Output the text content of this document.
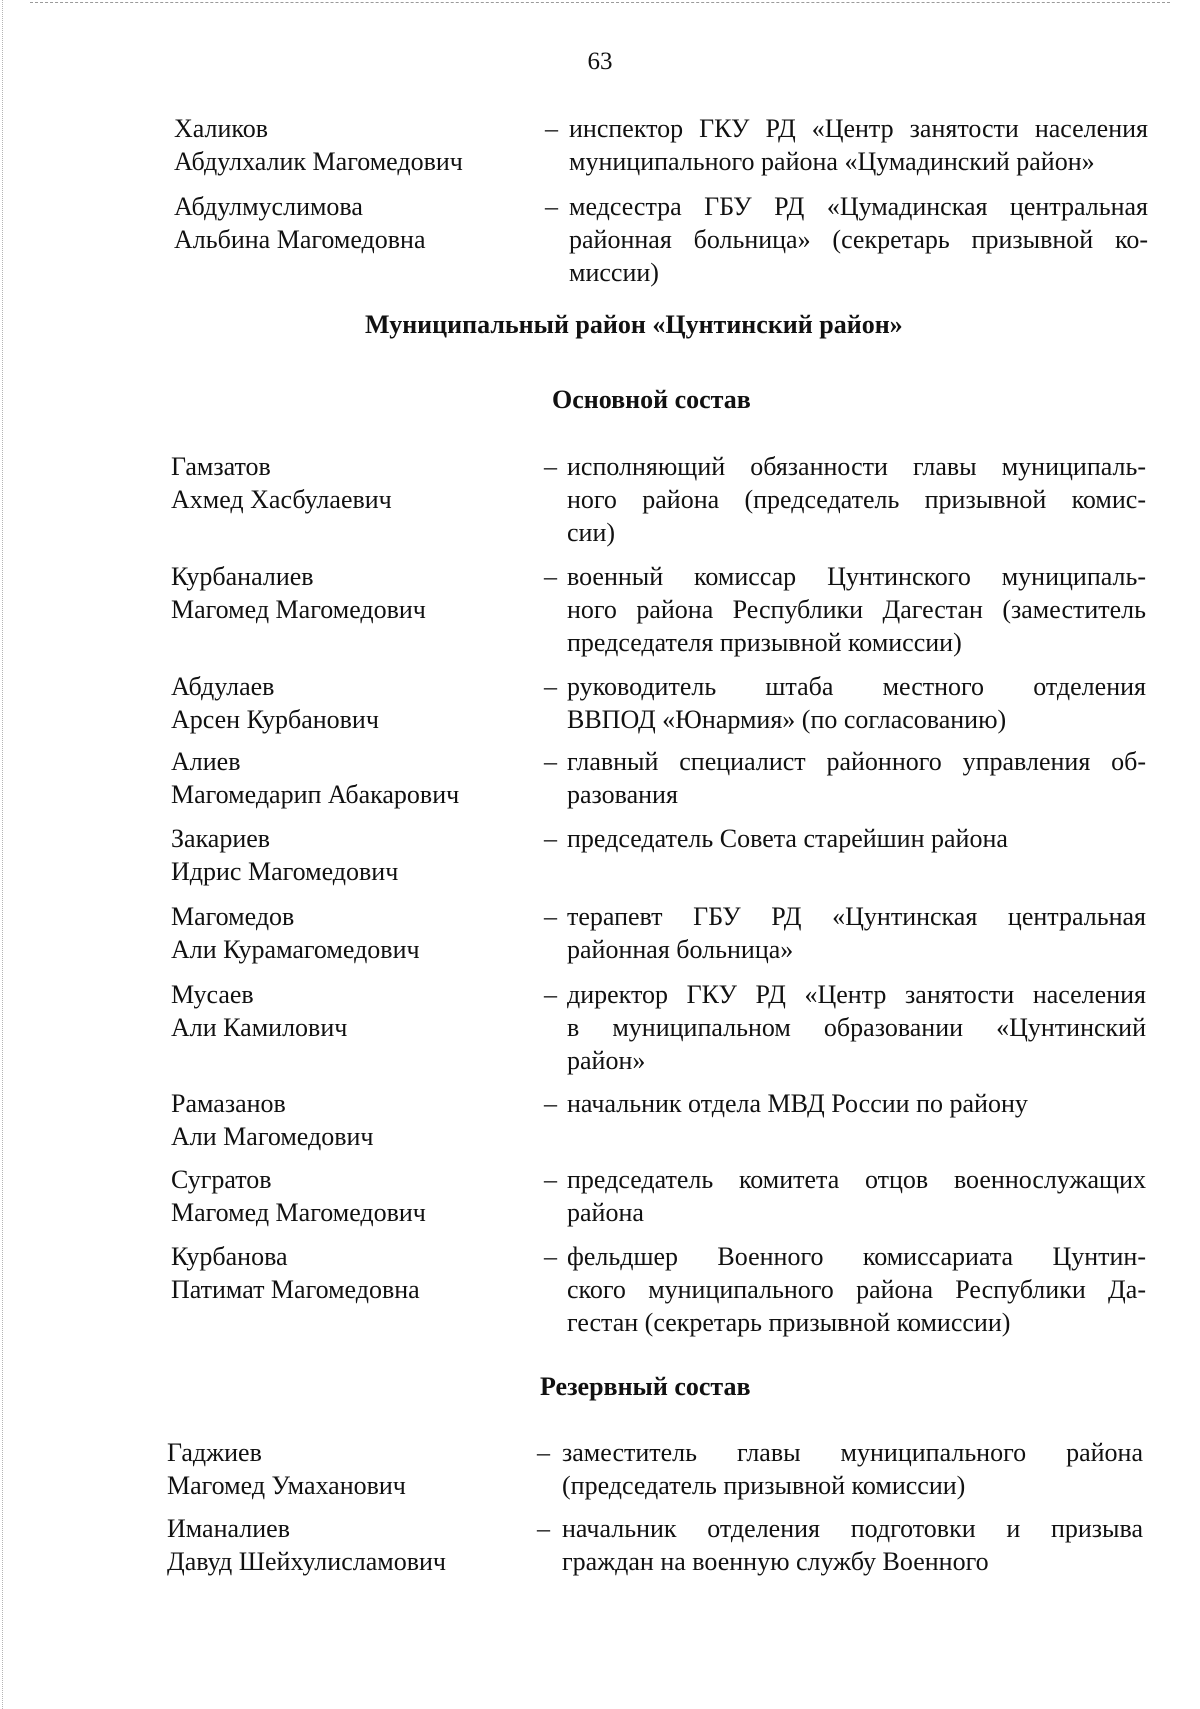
63
Халиков
Абдулхалик Магомедович
– инспектор ГКУ РД «Центр занятости населения
муниципального района «Цумадинский район»
Абдулмуслимова
Альбина Магомедовна
– медсестра ГБУ РД «Цумадинская центральная
районная больница» (секретарь призывной ко-
миссии)
Муниципальный район «Цунтинский район»
Основной состав
Гамзатов
Ахмед Хасбулаевич
– исполняющий обязанности главы муниципаль-
ного района (председатель призывной комис-
сии)
Курбаналиев
Магомед Магомедович
– военный комиссар Цунтинского муниципаль-
ного района Республики Дагестан (заместитель
председателя призывной комиссии)
Абдулаев
Арсен Курбанович
– руководитель штаба местного отделения
ВВПОД «Юнармия» (по согласованию)
Алиев
Магомедарип Абакарович
– главный специалист районного управления об-
разования
Закариев
Идрис Магомедович
– председатель Совета старейшин района
Магомедов
Али Курамагомедович
– терапевт ГБУ РД «Цунтинская центральная
районная больница»
Мусаев
Али Камилович
– директор ГКУ РД «Центр занятости населения
в муниципальном образовании «Цунтинский
район»
Рамазанов
Али Магомедович
– начальник отдела МВД России по району
Сугратов
Магомед Магомедович
– председатель комитета отцов военнослужащих
района
Курбанова
Патимат Магомедовна
– фельдшер Военного комиссариата Цунтин-
ского муниципального района Республики Да-
гестан (секретарь призывной комиссии)
Резервный состав
Гаджиев
Магомед Умаханович
– заместитель главы муниципального района
(председатель призывной комиссии)
Иманалиев
Давуд Шейхулисламович
– начальник отделения подготовки и призыва
граждан на военную службу Военного
